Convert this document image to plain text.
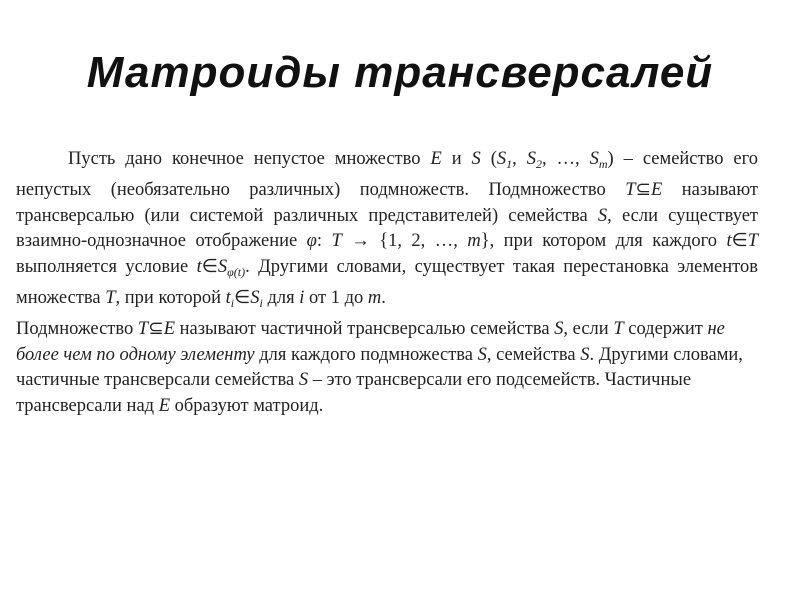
Матроиды трансверсалей

Пусть дано конечное непустое множество E и S ($S_1$, $S_2$, …, $S_m$) – семейство его непустых (необязательно различных) подмножеств. Подмножество T⊆E называют трансверсалью (или системой различных представителей) семейства S, если существует взаимно-однозначное отображение φ: T → {1, 2, …, m}, при котором для каждого t∈T выполняется условие $t\in S_{\varphi(t)}$. Другими словами, существует такая перестановка элементов множества T, при которой $t_i\in S_i$ для i от 1 до m.

Подмножество T⊆E называют частичной трансверсалью семейства S, если T содержит не более чем по одному элементу для каждого подмножества S, семейства S. Другими словами, частичные трансверсали семейства S – это трансверсали его подсемейств. Частичные трансверсали над E образуют матроид.
